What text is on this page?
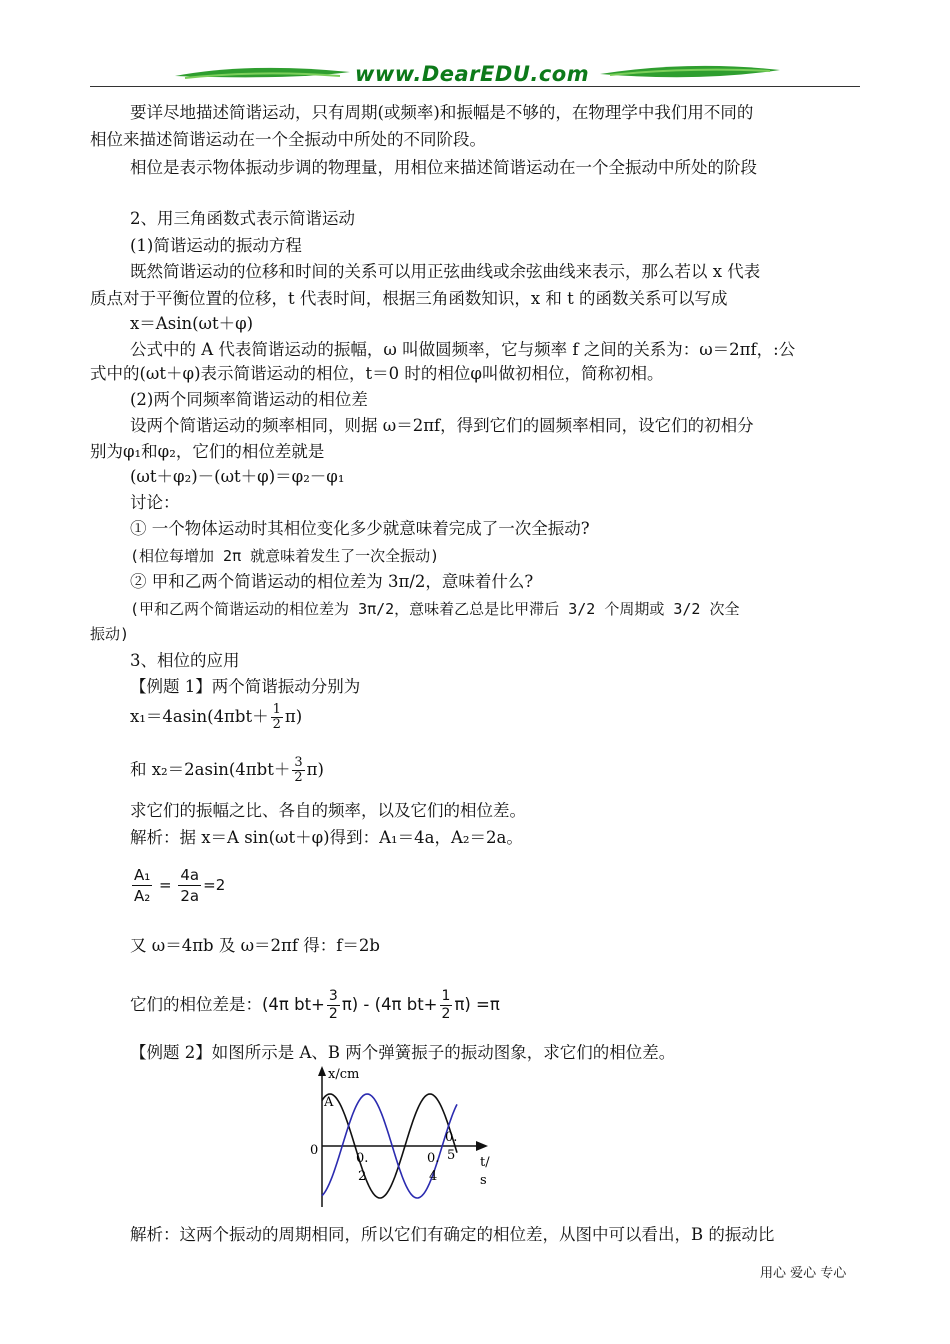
www.DearEDU.com
要详尽地描述简谐运动，只有周期(或频率)和振幅是不够的，在物理学中我们用不同的
相位来描述简谐运动在一个全振动中所处的不同阶段。
相位是表示物体振动步调的物理量，用相位来描述简谐运动在一个全振动中所处的阶段
2、用三角函数式表示简谐运动
(1)简谐运动的振动方程
既然简谐运动的位移和时间的关系可以用正弦曲线或余弦曲线来表示，那么若以 x 代表
质点对于平衡位置的位移，t 代表时间，根据三角函数知识，x 和 t 的函数关系可以写成
x＝Asin(ωt＋φ)
公式中的 A 代表简谐运动的振幅，ω 叫做圆频率，它与频率 f 之间的关系为：ω＝2πf，:公
式中的(ωt＋φ)表示简谐运动的相位，t＝0 时的相位φ叫做初相位，简称初相。
(2)两个同频率简谐运动的相位差
设两个简谐运动的频率相同，则据 ω＝2πf，得到它们的圆频率相同，设它们的初相分
别为φ₁和φ₂，它们的相位差就是
(ωt＋φ₂)－(ωt＋φ)＝φ₂－φ₁
讨论：
① 一个物体运动时其相位变化多少就意味着完成了一次全振动?
(相位每增加 2π 就意味着发生了一次全振动)
② 甲和乙两个简谐运动的相位差为 3π/2，意味着什么?
(甲和乙两个简谐运动的相位差为 3π/2，意味着乙总是比甲滞后 3/2 个周期或 3/2 次全
振动)
3、相位的应用
【例题 1】两个简谐振动分别为
$x_1=4asin(4\pi bt+ \frac{1}{2} \pi)$
和 $x_2=2asin(4\pi bt+ \frac{3}{2} \pi)$
求它们的振幅之比、各自的频率，以及它们的相位差。
解析：据 x＝A sin(ωt＋φ)得到：A₁＝4a，A₂＝2a。
$\frac{\text{A₁}}{\text{A₂}} = \frac{4a}{2a} =2$
又 ω＝4πb 及 ω＝2πf 得：f＝2b
它们的相位差是：(4π $bt+ \frac{3}{2} \pi) - (4\pi$ $bt+ \frac{1}{2} \pi) =\pi$
【例题 2】如图所示是 A、B 两个弹簧振子的振动图象，求它们的相位差。
x/cm
A
0
0.
2
0.
4
0.
5 t/
s
解析：这两个振动的周期相同，所以它们有确定的相位差，从图中可以看出，B 的振动比
用心 爱心 专心
